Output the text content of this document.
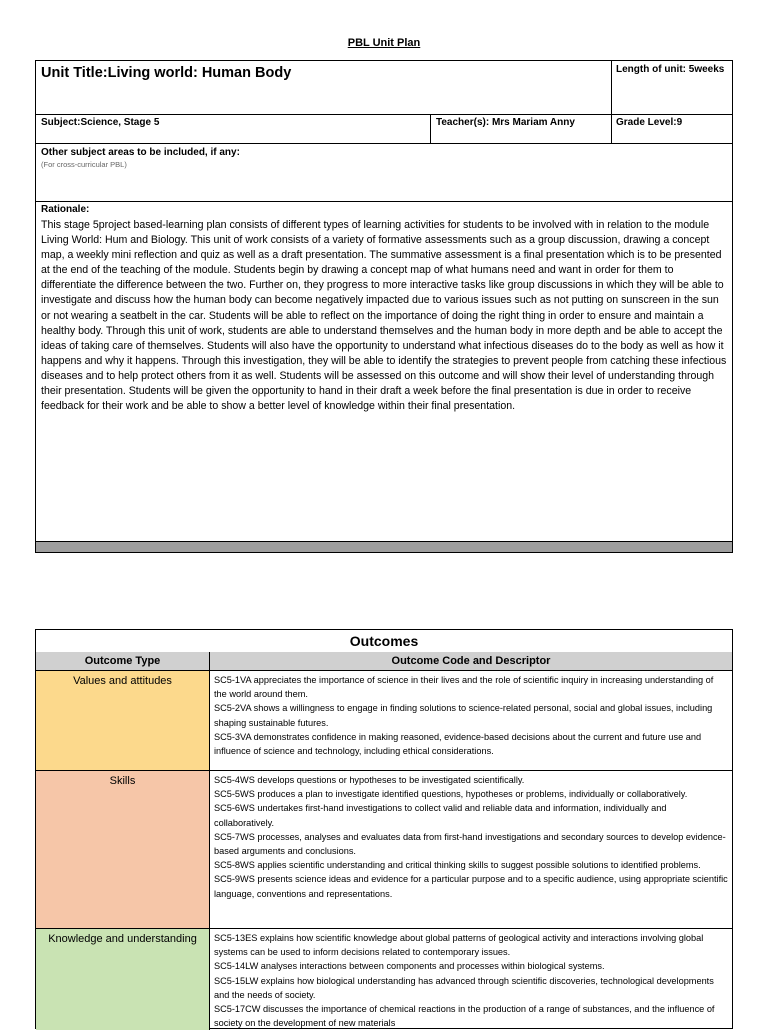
PBL Unit Plan
Unit Title:Living world: Human Body	Length of unit: 5weeks
Subject:Science, Stage 5	Teacher(s): Mrs Mariam Anny	Grade Level:9
Other subject areas to be included, if any:
(For cross-curricular PBL)
Rationale:
This stage 5project based-learning plan consists of different types of learning activities for students to be involved with in relation to the module Living World: Hum and Biology. This unit of work consists of a variety of formative assessments such as a group discussion, drawing a concept map, a weekly mini reflection and quiz as well as a draft presentation. The summative assessment is a final presentation which is to be presented at the end of the teaching of the module. Students begin by drawing a concept map of what humans need and want in order for them to differentiate the difference between the two. Further on, they progress to more interactive tasks like group discussions in which they will be able to investigate and discuss how the human body can become negatively impacted due to various issues such as not putting on sunscreen in the sun or not wearing a seatbelt in the car. Students will be able to reflect on the importance of doing the right thing in order to ensure and maintain a healthy body. Through this unit of work, students are able to understand themselves and the human body in more depth and be able to accept the ideas of taking care of themselves. Students will also have the opportunity to understand what infectious diseases do to the body as well as how it happens and why it happens. Through this investigation, they will be able to identify the strategies to prevent people from catching these infectious diseases and to help protect others from it as well. Students will be assessed on this outcome and will show their level of understanding through their presentation. Students will be given the opportunity to hand in their draft a week before the final presentation is due in order to receive feedback for their work and be able to show a better level of knowledge within their final presentation.
Outcomes
Outcome Type	Outcome Code and Descriptor
Values and attitudes	SC5-1VA appreciates the importance of science in their lives and the role of scientific inquiry in increasing understanding of the world around them.

SC5-2VA shows a willingness to engage in finding solutions to science-related personal, social and global issues, including shaping sustainable futures.

SC5-3VA demonstrates confidence in making reasoned, evidence-based decisions about the current and future use and influence of science and technology, including ethical considerations.

Skills	SC5-4WS develops questions or hypotheses to be investigated scientifically.

SC5-5WS produces a plan to investigate identified questions, hypotheses or problems, individually or collaboratively.

SC5-6WS undertakes first-hand investigations to collect valid and reliable data and information, individually and collaboratively.

SC5-7WS processes, analyses and evaluates data from first-hand investigations and secondary sources to develop evidence-based arguments and conclusions.

SC5-8WS applies scientific understanding and critical thinking skills to suggest possible solutions to identified problems.

SC5-9WS presents science ideas and evidence for a particular purpose and to a specific audience, using appropriate scientific language, conventions and representations.

Knowledge and understanding	SC5-13ES explains how scientific knowledge about global patterns of geological activity and interactions involving global systems can be used to inform decisions related to contemporary issues.

SC5-14LW analyses interactions between components and processes within biological systems.

SC5-15LW explains how biological understanding has advanced through scientific discoveries, technological developments and the needs of society.

SC5-17CW discusses the importance of chemical reactions in the production of a range of substances, and the influence of society on the development of new materials
